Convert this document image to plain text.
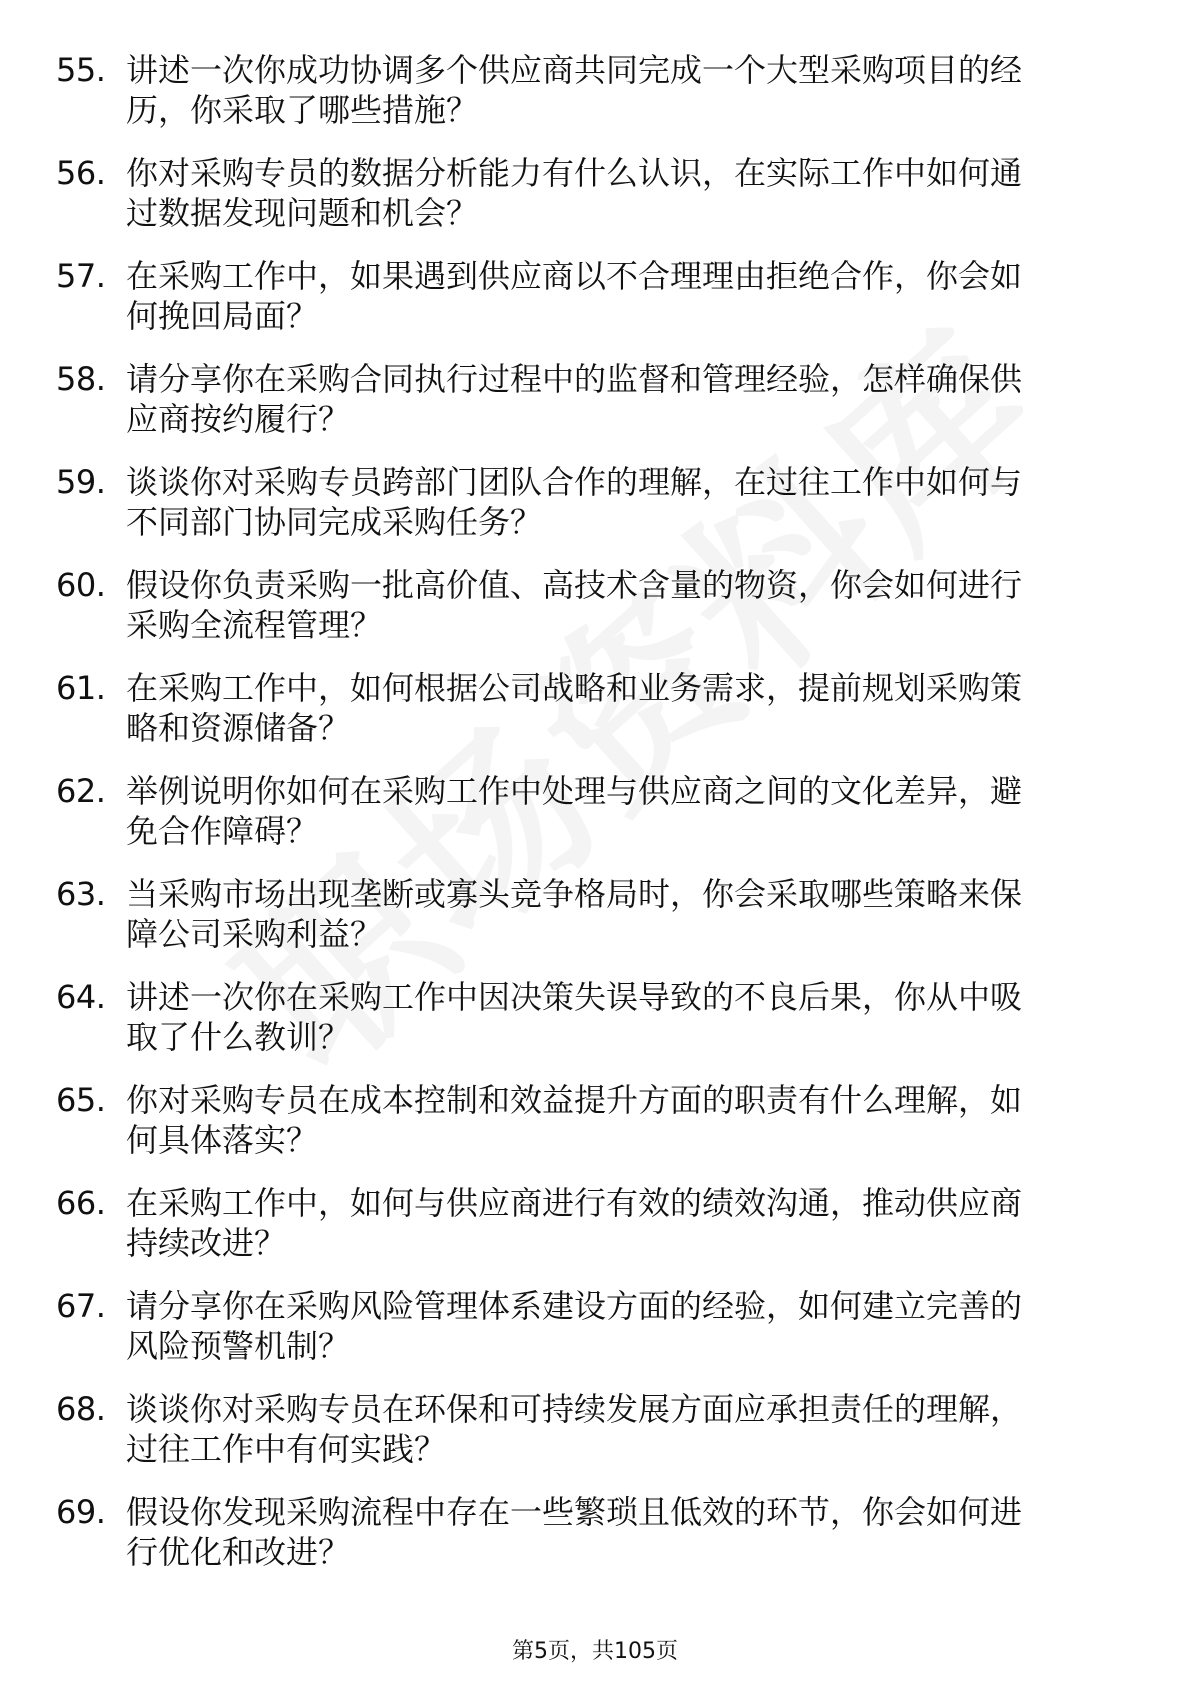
55. 讲述一次你成功协调多个供应商共同完成一个大型采购项目的经
历，你采取了哪些措施？
56. 你对采购专员的数据分析能力有什么认识，在实际工作中如何通
过数据发现问题和机会？
57. 在采购工作中，如果遇到供应商以不合理理由拒绝合作，你会如
何挽回局面？
58. 请分享你在采购合同执行过程中的监督和管理经验，怎样确保供
应商按约履行？
59. 谈谈你对采购专员跨部门团队合作的理解，在过往工作中如何与
不同部门协同完成采购任务？
60. 假设你负责采购一批高价值、高技术含量的物资，你会如何进行
采购全流程管理？
61. 在采购工作中，如何根据公司战略和业务需求，提前规划采购策
略和资源储备？
62. 举例说明你如何在采购工作中处理与供应商之间的文化差异，避
免合作障碍？
63. 当采购市场出现垄断或寡头竞争格局时，你会采取哪些策略来保
障公司采购利益？
64. 讲述一次你在采购工作中因决策失误导致的不良后果，你从中吸
取了什么教训？
65. 你对采购专员在成本控制和效益提升方面的职责有什么理解，如
何具体落实？
66. 在采购工作中，如何与供应商进行有效的绩效沟通，推动供应商
持续改进？
67. 请分享你在采购风险管理体系建设方面的经验，如何建立完善的
风险预警机制？
68. 谈谈你对采购专员在环保和可持续发展方面应承担责任的理解，
过往工作中有何实践？
69. 假设你发现采购流程中存在一些繁琐且低效的环节，你会如何进
行优化和改进？
第5页，共105页
